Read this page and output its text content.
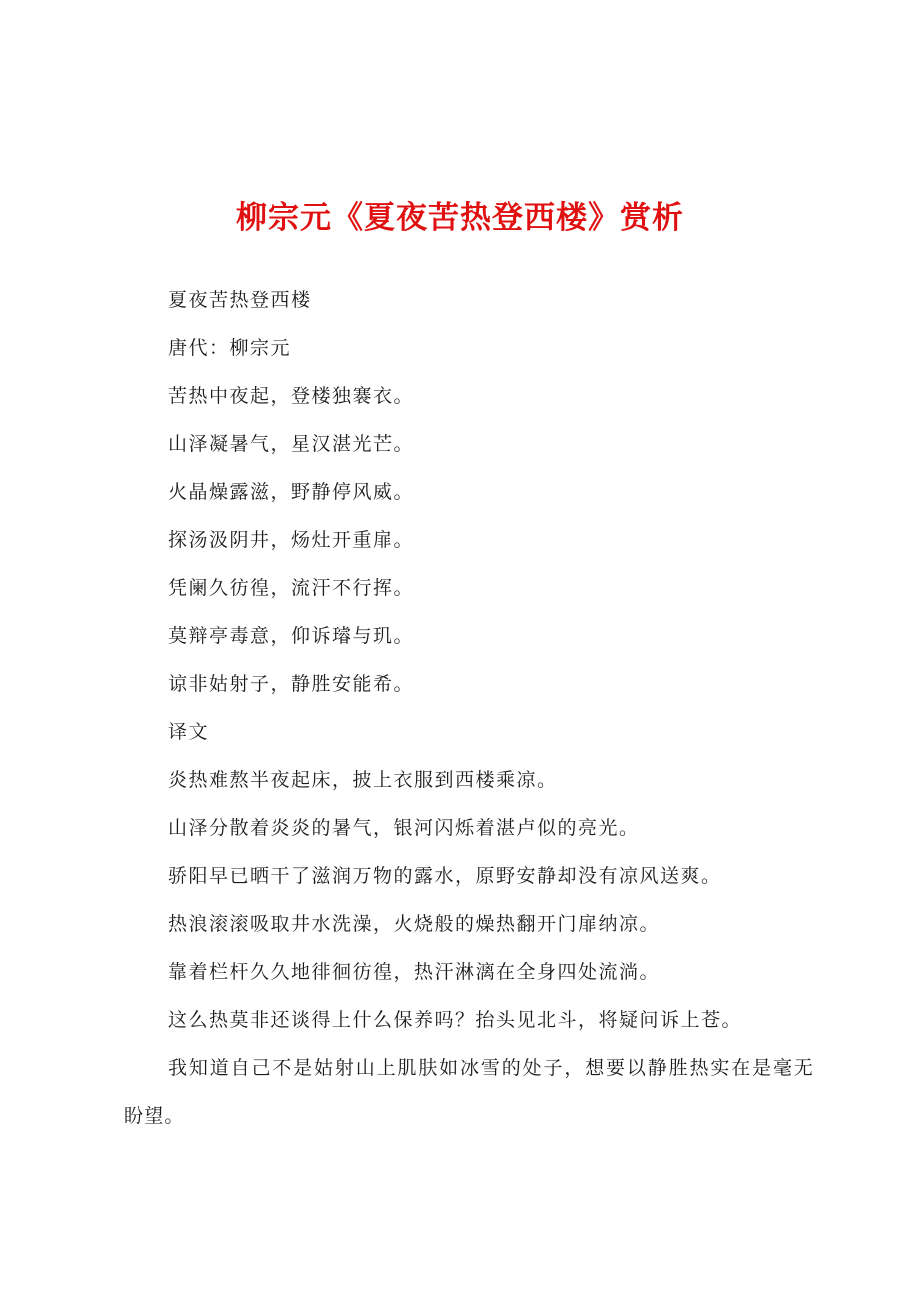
柳宗元《夏夜苦热登西楼》赏析

夏夜苦热登西楼

唐代：柳宗元

苦热中夜起，登楼独褰衣。

山泽凝暑气，星汉湛光芒。

火晶燥露滋，野静停风威。

探汤汲阴井，炀灶开重扉。

凭阑久彷徨，流汗不行挥。

莫辩亭毒意，仰诉璿与玑。

谅非姑射子，静胜安能希。

译文

炎热难熬半夜起床，披上衣服到西楼乘凉。

山泽分散着炎炎的暑气，银河闪烁着湛卢似的亮光。

骄阳早已晒干了滋润万物的露水，原野安静却没有凉风送爽。

热浪滚滚吸取井水洗澡，火烧般的燥热翻开门扉纳凉。

靠着栏杆久久地徘徊彷徨，热汗淋漓在全身四处流淌。

这么热莫非还谈得上什么保养吗？抬头见北斗，将疑问诉上苍。

我知道自己不是姑射山上肌肤如冰雪的处子，想要以静胜热实在是毫无盼望。
